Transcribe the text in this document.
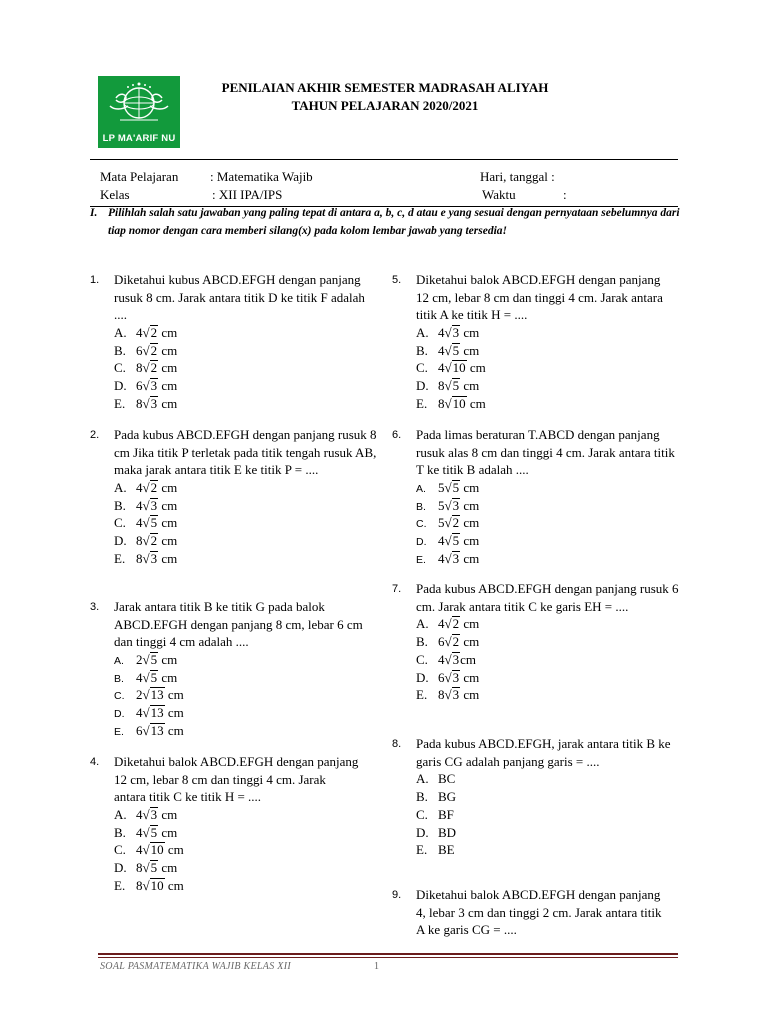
LP MA'ARIF NU
PENILAIAN AKHIR SEMESTER MADRASAH ALIYAH
TAHUN PELAJARAN 2020/2021
Mata Pelajaran : Matematika Wajib
Kelas	: XII IPA/IPS
Hari, tanggal :
Waktu	:
I. Pilihlah salah satu jawaban yang paling tepat di antara a, b, c, d atau e yang sesuai dengan pernyataan sebelumnya dari tiap nomor dengan cara memberi silang(x) pada kolom lembar jawab yang tersedia!
1. Diketahui kubus ABCD.EFGH dengan panjang rusuk 8 cm. Jarak antara titik D ke titik F adalah ....
A. 4√2 cm
B. 6√2 cm
C. 8√2 cm
D. 6√3 cm
E. 8√3 cm
2. Pada kubus ABCD.EFGH dengan panjang rusuk 8 cm Jika titik P terletak pada titik tengah rusuk AB, maka jarak antara titik E ke titik P = ....
A. 4√2 cm
B. 4√3 cm
C. 4√5 cm
D. 8√2 cm
E. 8√3 cm
3. Jarak antara titik B ke titik G pada balok ABCD.EFGH dengan panjang 8 cm, lebar 6 cm dan tinggi 4 cm adalah ....
A. 2√5 cm
B. 4√5 cm
C. 2√13 cm
D. 4√13 cm
E. 6√13 cm
4. Diketahui balok ABCD.EFGH dengan panjang 12 cm, lebar 8 cm dan tinggi 4 cm. Jarak antara titik C ke titik H = ....
A. 4√3 cm
B. 4√5 cm
C. 4√10 cm
D. 8√5 cm
E. 8√10 cm
5. Diketahui balok ABCD.EFGH dengan panjang 12 cm, lebar 8 cm dan tinggi 4 cm. Jarak antara titik A ke titik H = ....
A. 4√3 cm
B. 4√5 cm
C. 4√10 cm
D. 8√5 cm
E. 8√10 cm
6. Pada limas beraturan T.ABCD dengan panjang rusuk alas 8 cm dan tinggi 4 cm. Jarak antara titik T ke titik B adalah ....
A. 5√5 cm
B. 5√3 cm
C. 5√2 cm
D. 4√5 cm
E. 4√3 cm
7. Pada kubus ABCD.EFGH dengan panjang rusuk 6 cm. Jarak antara titik C ke garis EH = ....
A. 4√2 cm
B. 6√2 cm
C. 4√3cm
D. 6√3 cm
E. 8√3 cm
8. Pada kubus ABCD.EFGH, jarak antara titik B ke garis CG adalah panjang garis = ....
A. BC
B. BG
C. BF
D. BD
E. BE
9. Diketahui balok ABCD.EFGH dengan panjang 4, lebar 3 cm dan tinggi 2 cm. Jarak antara titik A ke garis CG = ....
SOAL PASMATEMATIKA WAJIB KELAS XII	1
